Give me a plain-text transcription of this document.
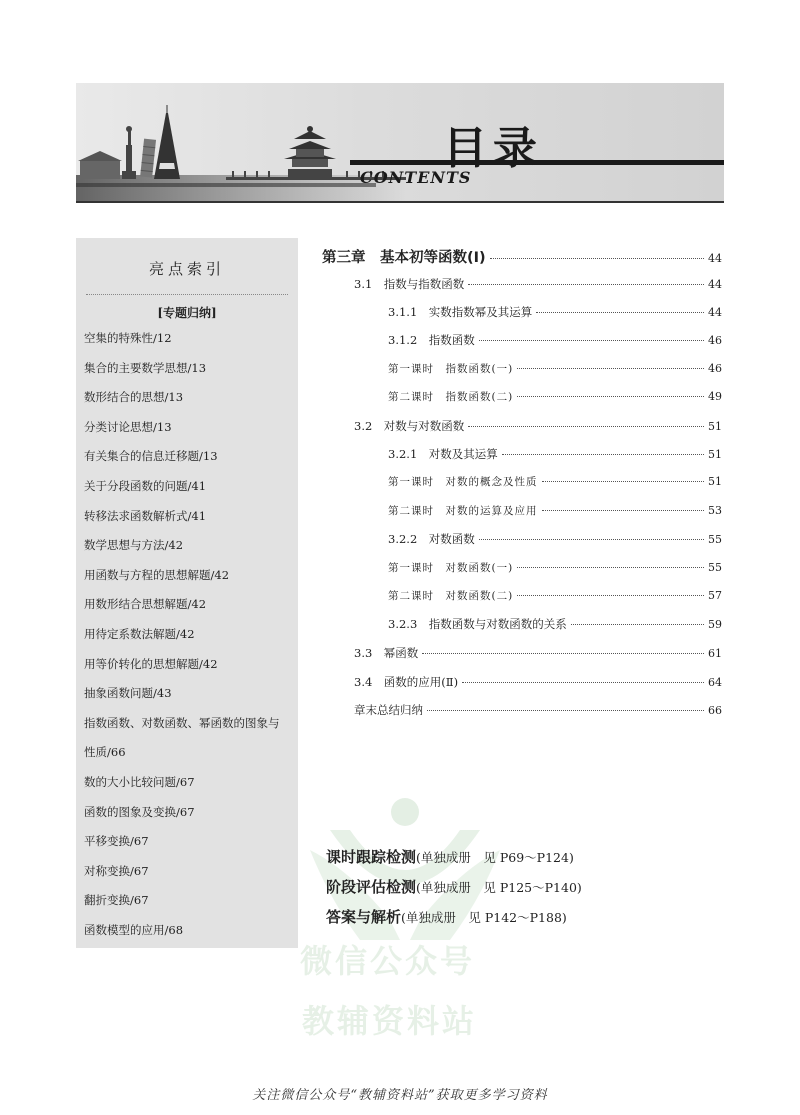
目录
CONTENTS
亮点索引
[专题归纳]
空集的特殊性/12
集合的主要数学思想/13
数形结合的思想/13
分类讨论思想/13
有关集合的信息迁移题/13
关于分段函数的问题/41
转移法求函数解析式/41
数学思想与方法/42
用函数与方程的思想解题/42
用数形结合思想解题/42
用待定系数法解题/42
用等价转化的思想解题/42
抽象函数问题/43
指数函数、对数函数、幂函数的图象与
性质/66
数的大小比较问题/67
函数的图象及变换/67
平移变换/67
对称变换/67
翻折变换/67
函数模型的应用/68
微信公众号
教辅资料站
第三章　基本初等函数(Ⅰ)	44
3.1　指数与指数函数	44
3.1.1　实数指数幂及其运算	44
3.1.2　指数函数	46
第一课时　指数函数(一)	46
第二课时　指数函数(二)	49
3.2　对数与对数函数	51
3.2.1　对数及其运算	51
第一课时　对数的概念及性质	51
第二课时　对数的运算及应用	53
3.2.2　对数函数	55
第一课时　对数函数(一)	55
第二课时　对数函数(二)	57
3.2.3　指数函数与对数函数的关系	59
3.3　幂函数	61
3.4　函数的应用(Ⅱ)	64
章末总结归纳	66
课时跟踪检测(单独成册　见 P69～P124)
阶段评估检测(单独成册　见 P125～P140)
答案与解析(单独成册　见 P142～P188)
关注微信公众号“教辅资料站”获取更多学习资料
